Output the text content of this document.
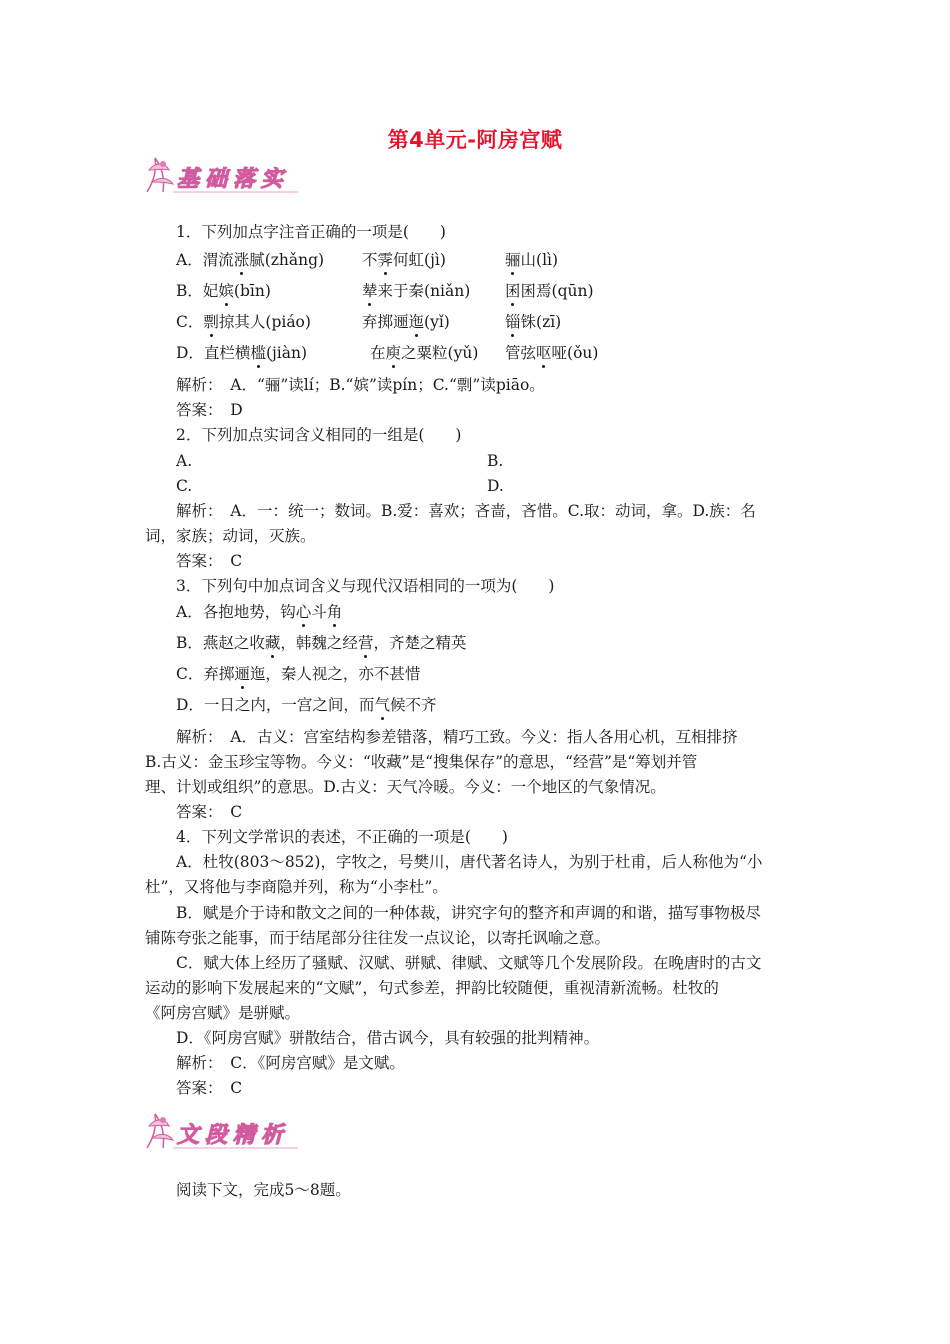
第4单元-阿房宫赋
基础落实
1．下列加点字注音正确的一项是(　　)
A．渭流涨腻(zhǎng) 不霁何虹(jì)	骊山(lì)
B．妃嫔(bīn)	辇来于秦(niǎn) 囷囷焉(qūn)
C．剽掠其人(piáo)	弃掷逦迤(yǐ)	锱铢(zī)
D．直栏横槛(jiàn)	在庾之粟粒(yǔ) 管弦呕哑(ǒu)
解析：　A．“骊”读lí；B.“嫔”读pín；C.“剽”读piāo。
答案：　D
2．下列加点实词含义相同的一组是(　　)
A.	B.
C.	D.
解析：　A．一：统一；数词。B.爱：喜欢；吝啬，吝惜。C.取：动词，拿。D.族：名
词，家族；动词，灭族。
答案：　C
3．下列句中加点词含义与现代汉语相同的一项为(　　)
A．各抱地势，钩心斗角
B．燕赵之收藏，韩魏之经营，齐楚之精英
C．弃掷逦迤，秦人视之，亦不甚惜
D．一日之内，一宫之间，而气候不齐
解析：　A．古义：宫室结构参差错落，精巧工致。今义：指人各用心机，互相排挤
B.古义：金玉珍宝等物。今义：“收藏”是“搜集保存”的意思，“经营”是“筹划并管
理、计划或组织”的意思。D.古义：天气冷暖。今义：一个地区的气象情况。
答案：　C
4．下列文学常识的表述，不正确的一项是(　　)
A．杜牧(803～852)，字牧之，号樊川，唐代著名诗人，为别于杜甫，后人称他为“小
杜”，又将他与李商隐并列，称为“小李杜”。
B．赋是介于诗和散文之间的一种体裁，讲究字句的整齐和声调的和谐，描写事物极尽
铺陈夸张之能事，而于结尾部分往往发一点议论，以寄托讽喻之意。
C．赋大体上经历了骚赋、汉赋、骈赋、律赋、文赋等几个发展阶段。在晚唐时的古文
运动的影响下发展起来的“文赋”，句式参差，押韵比较随便，重视清新流畅。杜牧的
《阿房宫赋》是骈赋。
D．《阿房宫赋》骈散结合，借古讽今，具有较强的批判精神。
解析：　C．《阿房宫赋》是文赋。
答案：　C
文段精析
阅读下文，完成5～8题。
